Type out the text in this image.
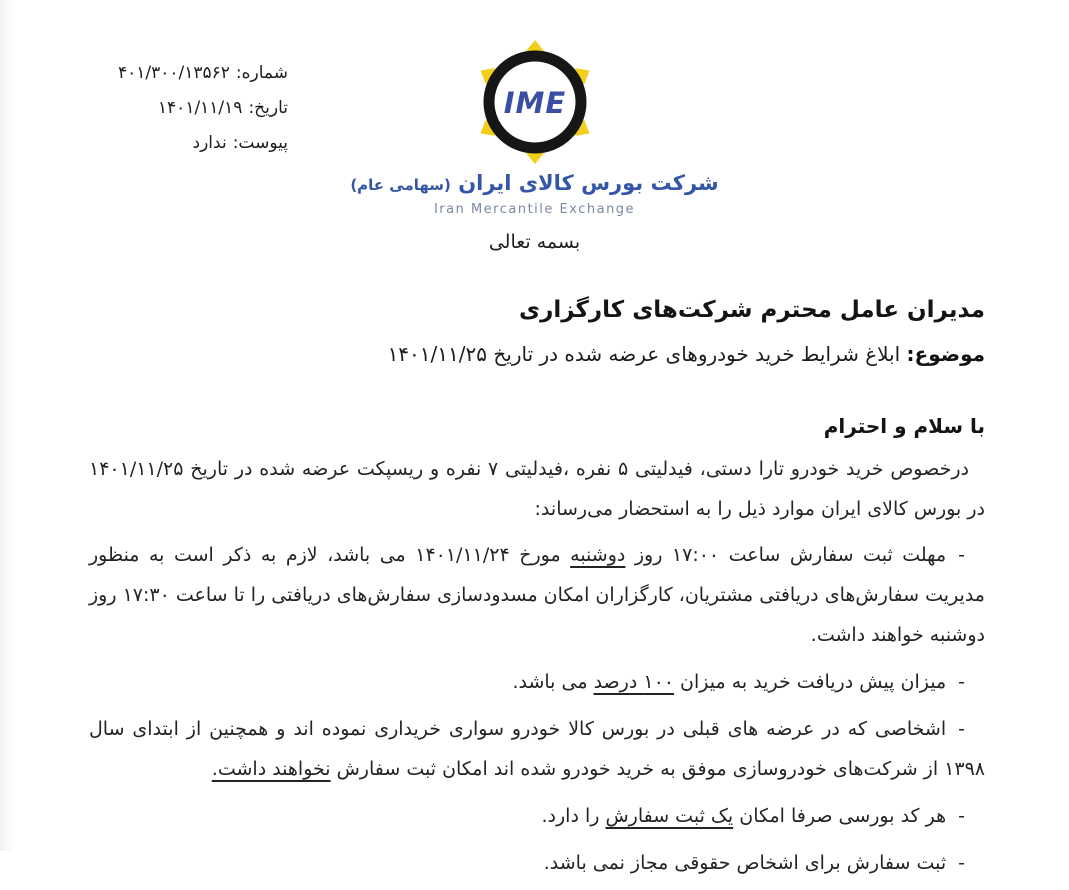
شماره:۴۰۱/۳۰۰/۱۳۵۶۲
تاریخ:۱۴۰۱/۱۱/۱۹
پیوست:ندارد
IME
شرکت بورس کالای ایران (سهامی عام)
Iran Mercantile Exchange
بسمه تعالی
مدیران عامل محترم شرکت‌های کارگزاری

موضوع: ابلاغ شرایط خرید خودروهای عرضه شده در تاریخ ۱۴۰۱/۱۱/۲۵

با سلام و احترام

درخصوص خرید خودرو تارا دستی، فیدلیتی ۵ نفره ،فیدلیتی ۷ نفره و ریسپکت عرضه شده در تاریخ ۱۴۰۱/۱۱/۲۵ در بورس کالای ایران موارد ذیل را به استحضار می‌رساند:

-مهلت ثبت سفارش ساعت ۱۷:۰۰ روز دوشنبه مورخ ۱۴۰۱/۱۱/۲۴ می باشد، لازم به ذکر است به منظور مدیریت سفارش‌های دریافتی مشتریان، کارگزاران امکان مسدودسازی سفارش‌های دریافتی را تا ساعت ۱۷:۳۰ روز دوشنبه خواهند داشت.

-میزان پیش دریافت خرید به میزان ۱۰۰ درصد می باشد.

-اشخاصی که در عرضه های قبلی در بورس کالا خودرو سواری خریداری نموده اند و همچنین از ابتدای سال ۱۳۹۸ از شرکت‌های خودروسازی موفق به خرید خودرو شده اند امکان ثبت سفارش نخواهند داشت.

-هر کد بورسی صرفا امکان یک ثبت سفارش را دارد.

-ثبت سفارش برای اشخاص حقوقی مجاز نمی باشد.
